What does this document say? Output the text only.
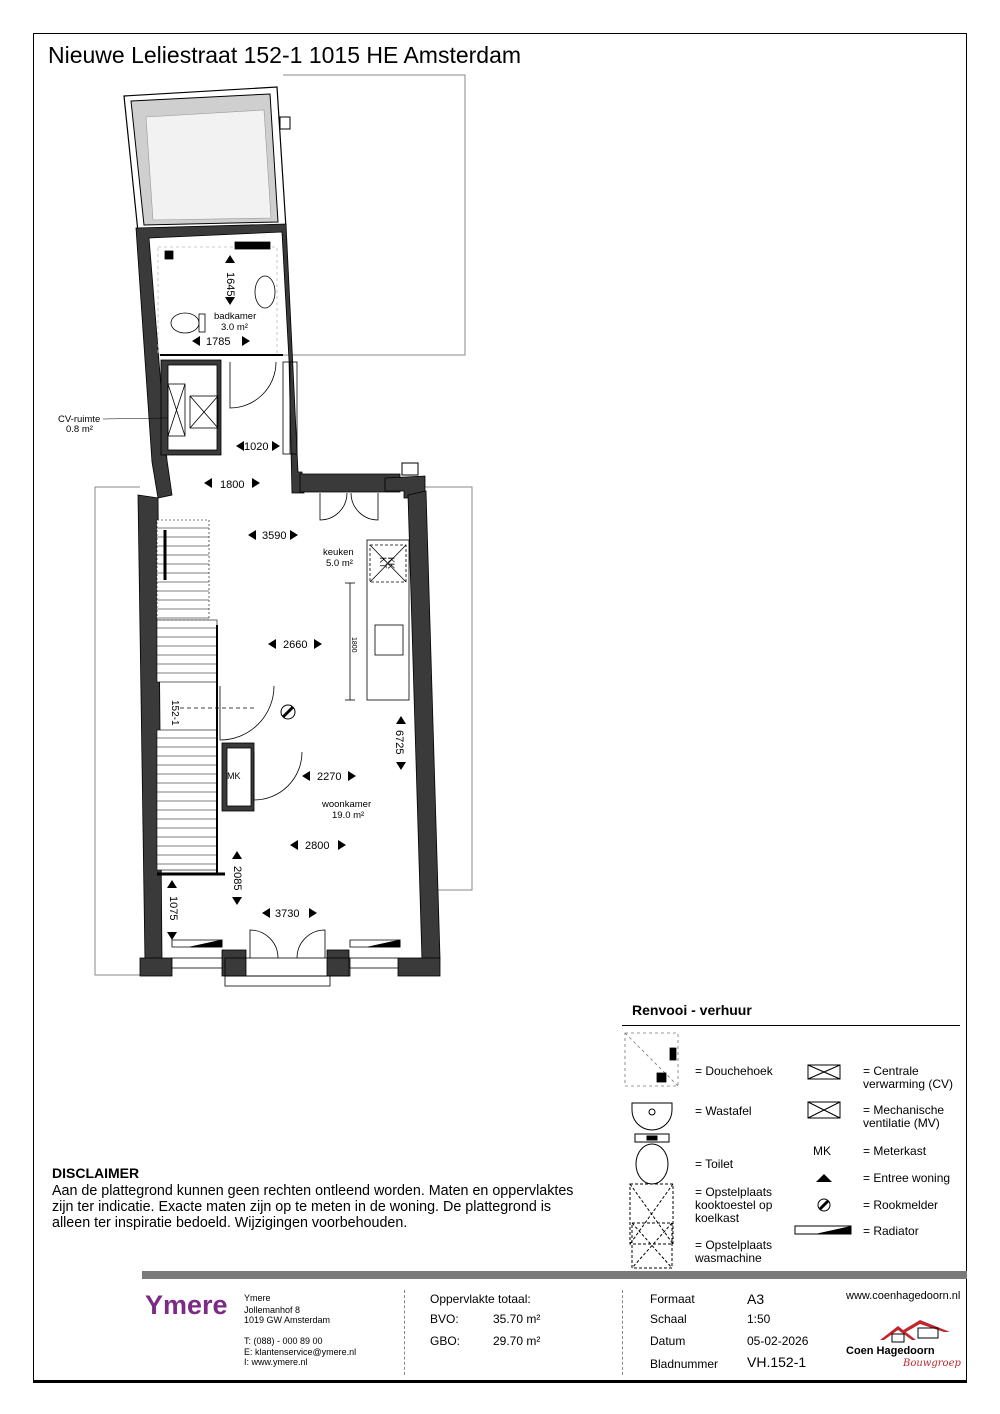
Nieuwe Leliestraat 152-1 1015 HE Amsterdam
1645
badkamer
3.0 m²
1785
CV-ruimte
0.8 m²
1020
1800
3590
keuken
5.0 m²	KK
KT
2660	1800
152-1
6725
MK	2270
woonkamer
19.0 m²
2800
2085
1075	3730
Renvooi - verhuur
= Douchehoek
= Wastafel
= Toilet
= Opstelplaats
kooktoestel op
koelkast
= Opstelplaats
wasmachine
= Centrale
verwarming (CV)
= Mechanische
ventilatie (MV)
MK	= Meterkast
= Entree woning
= Rookmelder
= Radiator
DISCLAIMER
Aan de plattegrond kunnen geen rechten ontleend worden. Maten en oppervlaktes zijn ter indicatie. Exacte maten zijn op te meten in de woning. De plattegrond is alleen ter inspiratie bedoeld. Wijzigingen voorbehouden.
Ymere Ymere
Jollemanhof 8
1019 GW Amsterdam
T: (088) - 000 89 00
E: klantenservice@ymere.nl
I: www.ymere.nl
Oppervlakte totaal:
BVO:	35.70 m²
GBO:	29.70 m²
Formaat	A3
Schaal	1:50
Datum	05-02-2026
Bladnummer VH.152-1
www.coenhagedoorn.nl
Coen Hagedoorn
Bouwgroep
